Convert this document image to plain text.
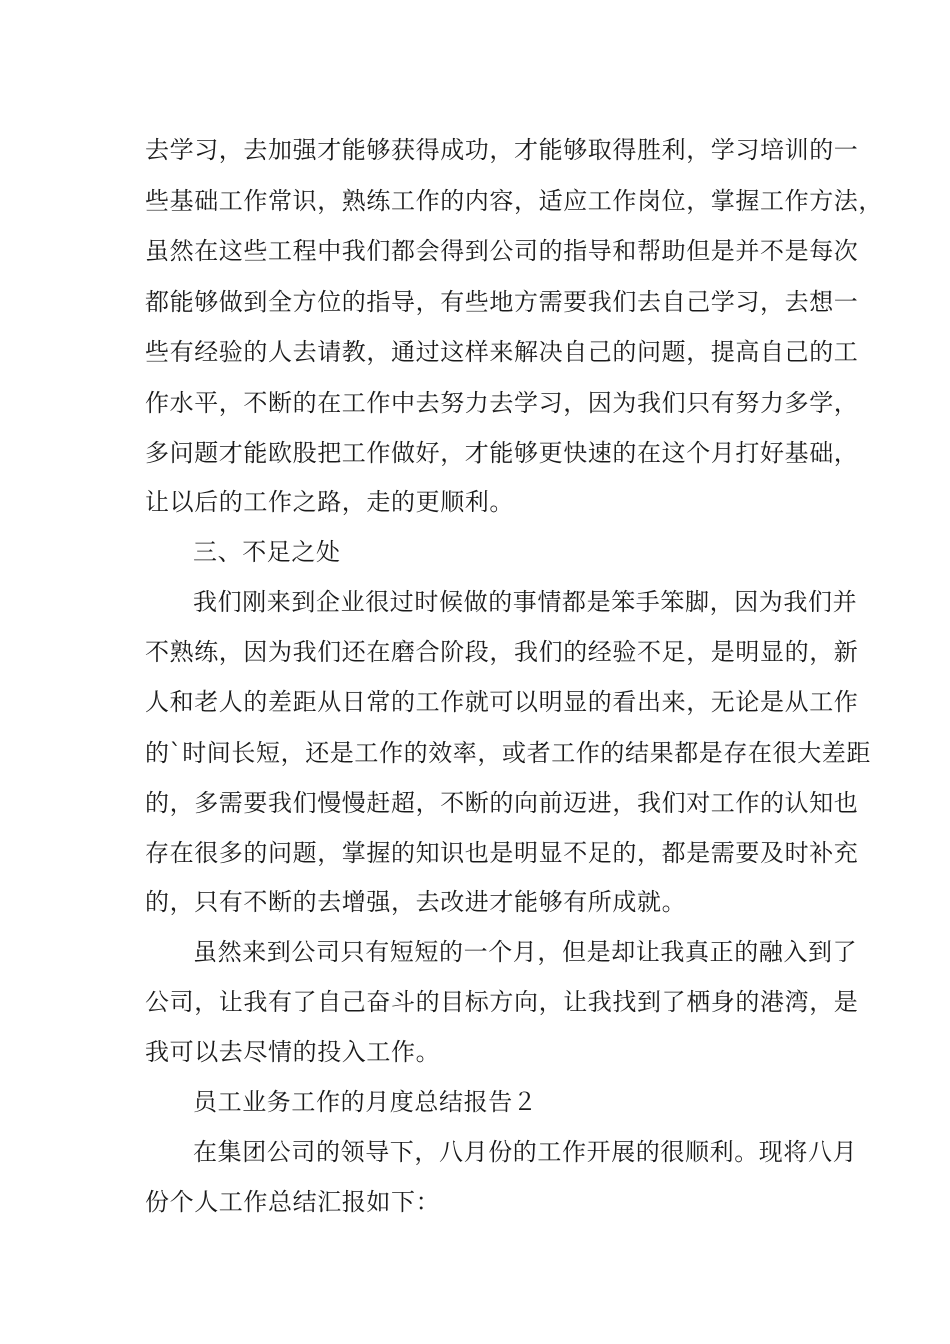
去学习，去加强才能够获得成功，才能够取得胜利，学习培训的一
些基础工作常识，熟练工作的内容，适应工作岗位，掌握工作方法，
虽然在这些工程中我们都会得到公司的指导和帮助但是并不是每次
都能够做到全方位的指导，有些地方需要我们去自己学习，去想一
些有经验的人去请教，通过这样来解决自己的问题，提高自己的工
作水平，不断的在工作中去努力去学习，因为我们只有努力多学，
多问题才能欧股把工作做好，才能够更快速的在这个月打好基础，
让以后的工作之路，走的更顺利。
三、不足之处
我们刚来到企业很过时候做的事情都是笨手笨脚，因为我们并
不熟练，因为我们还在磨合阶段，我们的经验不足，是明显的，新
人和老人的差距从日常的工作就可以明显的看出来，无论是从工作
的`时间长短，还是工作的效率，或者工作的结果都是存在很大差距
的，多需要我们慢慢赶超，不断的向前迈进，我们对工作的认知也
存在很多的问题，掌握的知识也是明显不足的，都是需要及时补充
的，只有不断的去增强，去改进才能够有所成就。
虽然来到公司只有短短的一个月，但是却让我真正的融入到了
公司，让我有了自己奋斗的目标方向，让我找到了栖身的港湾，是
我可以去尽情的投入工作。
员工业务工作的月度总结报告２
在集团公司的领导下，八月份的工作开展的很顺利。现将八月
份个人工作总结汇报如下：
